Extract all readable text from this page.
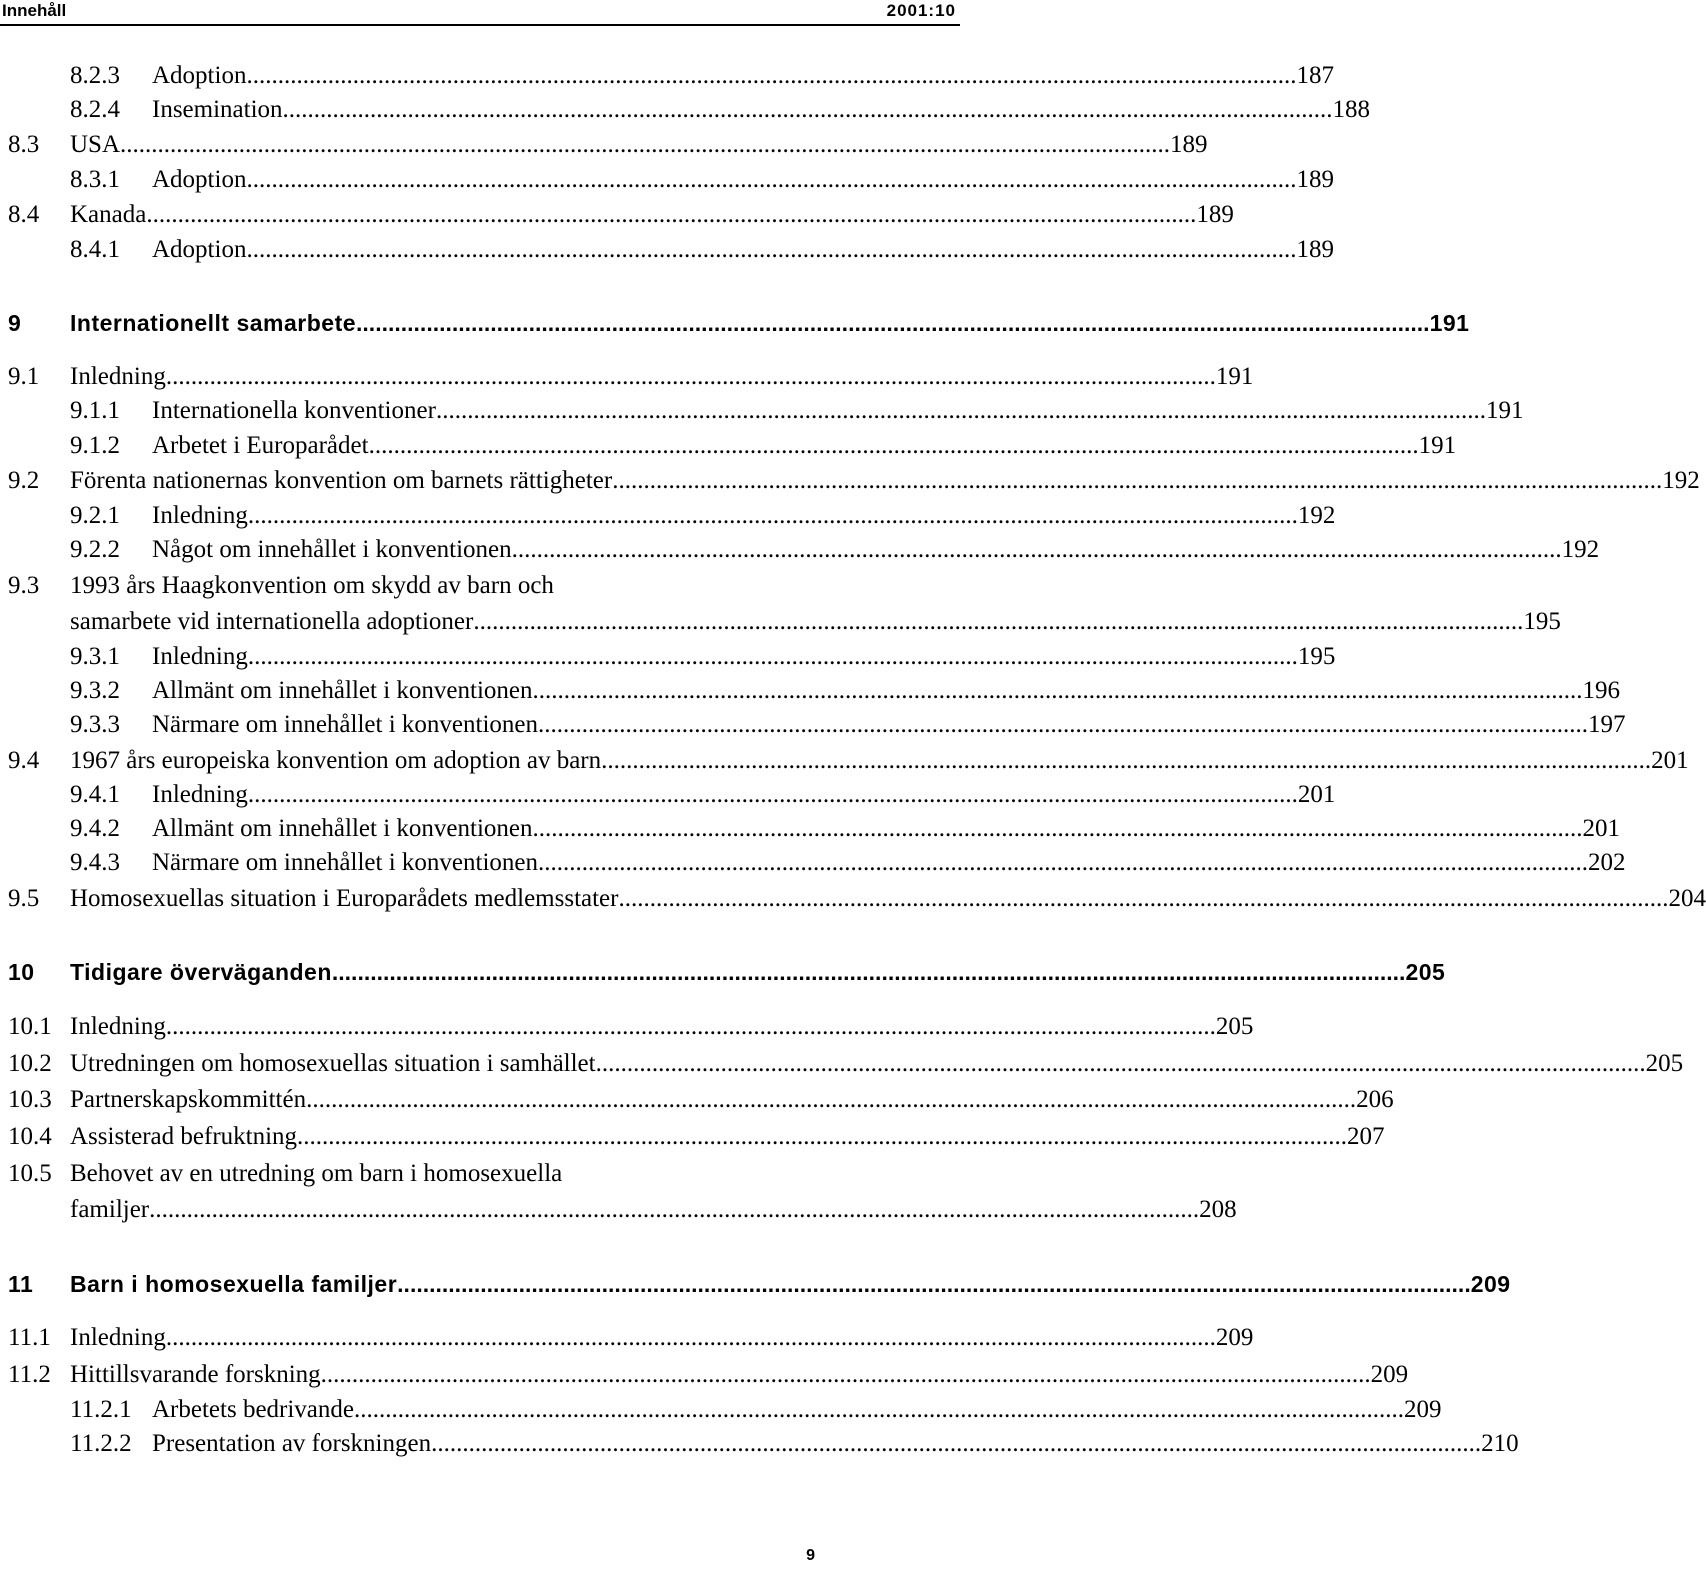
Innehåll	2001:10
8.2.3 Adoption ........................................................................................................................................................................ 187
8.2.4 Insemination ........................................................................................................................................................................ 188
8.3 USA ........................................................................................................................................................................ 189
8.3.1 Adoption ........................................................................................................................................................................ 189
8.4 Kanada ........................................................................................................................................................................ 189
8.4.1 Adoption ........................................................................................................................................................................ 189
9 Internationellt samarbete ........................................................................................................................................................................ 191
9.1 Inledning ........................................................................................................................................................................ 191
9.1.1 Internationella konventioner ........................................................................................................................................................................ 191
9.1.2 Arbetet i Europarådet ........................................................................................................................................................................ 191
9.2 Förenta nationernas konvention om barnets rättigheter ........................................................................................................................................................................ 192
9.2.1 Inledning ........................................................................................................................................................................ 192
9.2.2 Något om innehållet i konventionen ........................................................................................................................................................................ 192
1993 års Haagkonvention om skydd av barn och
9.3
samarbete vid internationella adoptioner ........................................................................................................................................................................ 195
9.3.1 Inledning ........................................................................................................................................................................ 195
9.3.2 Allmänt om innehållet i konventionen ........................................................................................................................................................................ 196
9.3.3 Närmare om innehållet i konventionen ........................................................................................................................................................................ 197
9.4 1967 års europeiska konvention om adoption av barn ........................................................................................................................................................................ 201
9.4.1 Inledning ........................................................................................................................................................................ 201
9.4.2 Allmänt om innehållet i konventionen ........................................................................................................................................................................ 201
9.4.3 Närmare om innehållet i konventionen ........................................................................................................................................................................ 202
9.5 Homosexuellas situation i Europarådets medlemsstater ........................................................................................................................................................................ 204
10 Tidigare överväganden ........................................................................................................................................................................ 205
10.1 Inledning ........................................................................................................................................................................ 205
10.2 Utredningen om homosexuellas situation i samhället ........................................................................................................................................................................ 205
10.3 Partnerskapskommittén ........................................................................................................................................................................ 206
10.4 Assisterad befruktning ........................................................................................................................................................................ 207
Behovet av en utredning om barn i homosexuella
10.5
familjer ........................................................................................................................................................................ 208
11 Barn i homosexuella familjer ........................................................................................................................................................................ 209
11.1 Inledning ........................................................................................................................................................................ 209
11.2 Hittillsvarande forskning ........................................................................................................................................................................ 209
11.2.1 Arbetets bedrivande ........................................................................................................................................................................ 209
11.2.2 Presentation av forskningen ........................................................................................................................................................................ 210
9
